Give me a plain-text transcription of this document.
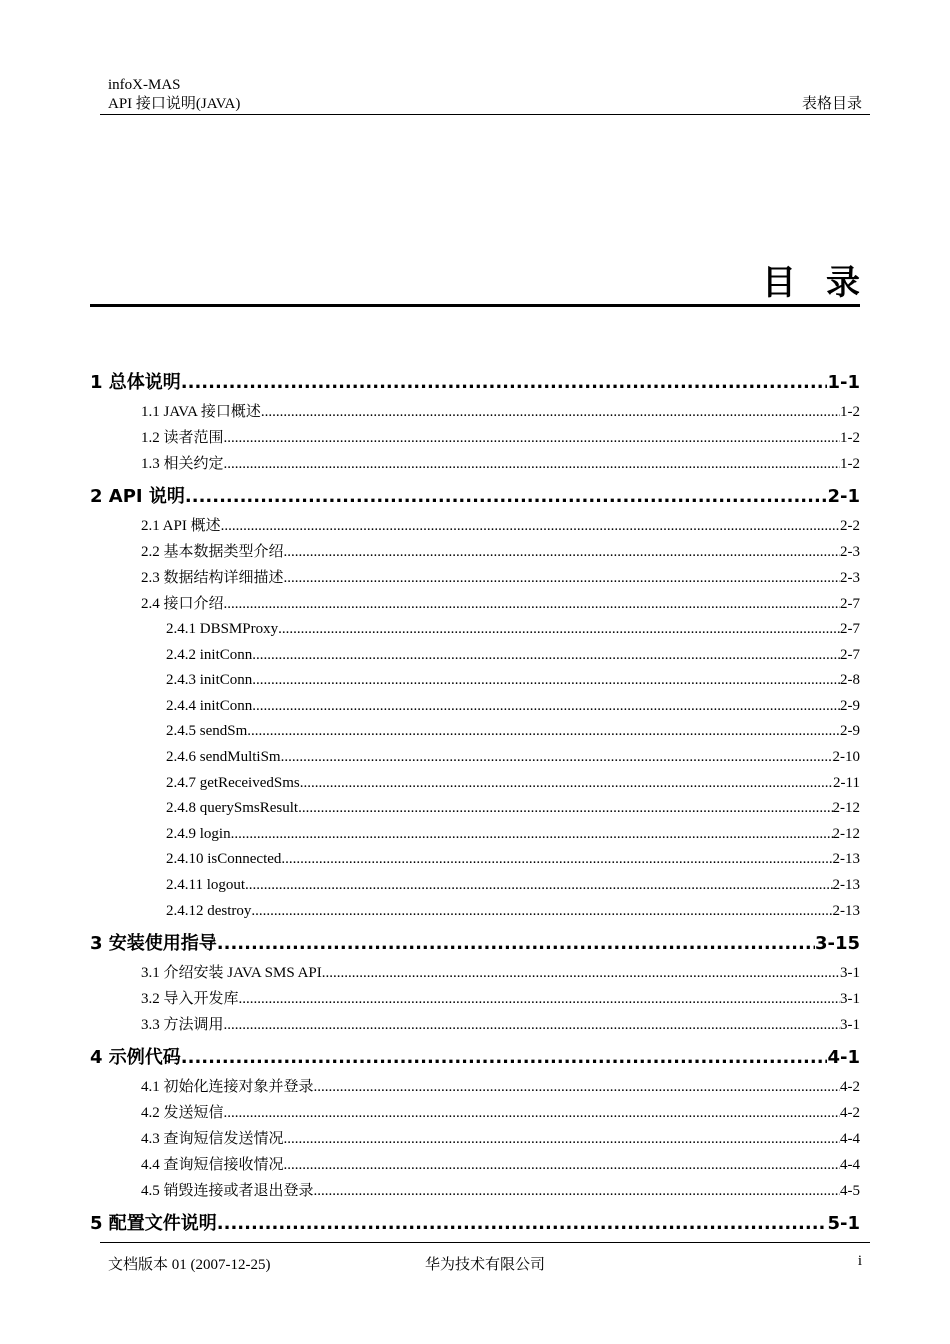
infoX-MAS
API 接口说明(JAVA)	表格目录
目录
1 总体说明 .....	1-1
1.1 JAVA 接口概述 .....	1-2
1.2 读者范围 .....	1-2
1.3 相关约定 .....	1-2
2 API 说明 .....	2-1
2.1 API 概述 .....	2-2
2.2 基本数据类型介绍 .....	2-3
2.3 数据结构详细描述 .....	2-3
2.4 接口介绍 .....	2-7
2.4.1 DBSMProxy .....	2-7
2.4.2 initConn .....	2-7
2.4.3 initConn .....	2-8
2.4.4 initConn .....	2-9
2.4.5 sendSm .....	2-9
2.4.6 sendMultiSm .....	2-10
2.4.7 getReceivedSms .....	2-11
2.4.8 querySmsResult .....	2-12
2.4.9 login .....	2-12
2.4.10 isConnected .....	2-13
2.4.11 logout .....	2-13
2.4.12 destroy .....	2-13
3 安装使用指导 .....	3-15
3.1 介绍安装 JAVA SMS API .....	3-1
3.2 导入开发库 .....	3-1
3.3 方法调用 .....	3-1
4 示例代码 .....	4-1
4.1 初始化连接对象并登录 .....	4-2
4.2 发送短信 .....	4-2
4.3 查询短信发送情况 .....	4-4
4.4 查询短信接收情况 .....	4-4
4.5 销毁连接或者退出登录 .....	4-5
5 配置文件说明 .....	5-1
文档版本 01 (2007-12-25)	华为技术有限公司	i
